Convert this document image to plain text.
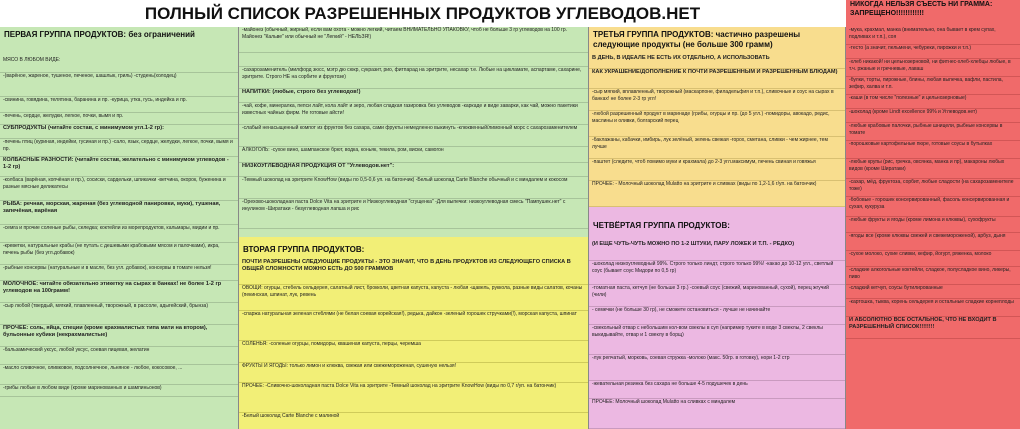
ПОЛНЫЙ СПИСОК РАЗРЕШЕННЫХ ПРОДУКТОВ УГЛЕВОДОВ.НЕТ
ПЕРВАЯ ГРУППА ПРОДУКТОВ: без ограничений
МЯСО В ЛЮБОМ ВИДЕ:
-(варёное, жареное, тушеное, печеное, шашлык, гриль) -студень(холодец)
-свинина, говядина, телятина, баранина и пр. -курица, утка, гусь, индейка и пр.
-печень, сердце, желудки, легкое, почки, вымя и пр.
СУБПРОДУКТЫ (читайте состав, с минимумом угл.1-2 гр):
-печень птиц (куриная, индейки, гусиная и пр.) -сало, язык, сердце, желудки, легкое, почки, вымя и пр.
КОЛБАСНЫЕ РАЗНОСТИ: (читайте состав, желательно с минимумом углеводов - 1-2 гр)
-колбаса (варёная, копчёная и пр.), сосиски, сардельки, шпикачки -ветчина, окорок, буженина и разные мясные деликатесы
РЫБА: речная, морская, жареная (без углеводной панировки, муки), тушеная, запечёная, варёная
-семга и прочие соленые рыбы, селедка; коктейли из морепродуктов, кальмары, мидии и пр.
-креветки, натуральные крабы (не путать с дешевыми крабовыми мясом и палочками), икра, печень рыбы (без угл.добавок)
-рыбные консервы (натуральные и в масле, без угл. добавок), консервы в томате нельзя!
МОЛОЧНОЕ: читайте обязательно этикетку на сырах в банках! не более 1-2 гр углеводов на 100грамм!
-сыр любой (твердый, мягкий, плавленный, творожный, в рассоле, адыгейский, брынза)
ПРОЧЕЕ: соль, яйца, специи (кроме крахмалистых типа мати на втором), бульонные кубики (некрахмалистые)
-бальзамический уксус, любой уксус, соевая пицевая, желатин
-масло сливочное, оливковое, подсолнечное, льняное - любое, кокосовое, ...
-грибы любые в любом виде (кроме маринованных и шампиньонов)
-майонез (обычный, жирный, если вам охота - можно легкий, читаем ВНИМАТЕЛЬНО УПАКОВКУ, чтоб не больше 3 гр углеводов на 100 гр. Майонез "Кальве" или обычный не "Легкий" - НЕЛЬЗЯ!)
-сахарозаменитель (милфорд зюсс, мэтр дю сюкр, сукразит, рио, фитпарад на эритрите, несахар т.е. Любые на цикламате, аспартаме, сахарине, эритрите. Строго НЕ на сорбите и фруктозе)
НАПИТКИ: (любые, строго без углеводов!)
-чай, кофе, минералка, пепси лайт, кола лайт и зеро, любая сладкая газировка без углеводов -каркаде и виде заварки, как чай, можно пакетики известных чайных фирм. Не готовые айсти!
-слабый ненасыщенный компот из фруктов без сахара, сами фрукты немедленно выкинуть -клюквенный/лимонный морс с сахарозаменителем
АЛКОГОЛЬ: -сухое вино, шампанское брют, водка, коньяк, текила, ром, виски, самогон
НИЗКОУГЛЕВОДНАЯ ПРОДУКЦИЯ ОТ "Углеводов.нет":
-Темный шоколад на эритрите KnowHow (виды по 0,5-0,6 уп. на батончик) -Белый шоколад Carte Blanche обычный и с миндалем и кокосом
-Орехово-шоколадная паста Dolce Vita на эритрите и Низкоуглеводная "сгущенка" -Для выпечки: низкоуглеводная смесь "Пампушек.нет" с инулином -Ширатаки - безуглеводная лапша и рис
ВТОРАЯ ГРУППА ПРОДУКТОВ:
ПОЧТИ РАЗРЕШЕНЫ СЛЕДУЮЩИЕ ПРОДУКТЫ - ЭТО ЗНАЧИТ, ЧТО В ДЕНЬ ПРОДУКТОВ ИЗ СЛЕДУЮЩЕГО СПИСКА В ОБЩЕЙ СЛОЖНОСТИ МОЖНО ЕСТЬ ДО 500 ГРАММОВ
ОВОЩИ: огурцы, стебель сельдерея, салатный лист, брокколи, цветная капуста, капуста - любая -щавель, руккола, разные виды салатов, кочаны (пекинская, шпинат, лук, ревень
-спаржа натуральная зеленая стеблями (не белая соевая корейская!), редька, дайкон -зеленый горошек стручками(!), морская капуста, шпинат
СОЛЕНЬЯ: -соленые огурцы, помидоры, квашеная капуста, перцы, черемша
ФРУКТЫ И ЯГОДЫ: только лимон и клюква, свежая или свежемороженая, сушеную нельзя!
ПРОЧЕЕ: -Сливочно-шоколадная паста Dolce Vita на эритрите -Темный шоколад на эритрите KnowHow (виды по 0,7 г/уп. на батончик)
-Белый шоколад Carte Blanche с малиной
ТРЕТЬЯ ГРУППА ПРОДУКТОВ: частично разрешены следующие продукты (не больше 300 грамм)
В ДЕНЬ, В ИДЕАЛЕ НЕ ЕСТЬ ИХ ОТДЕЛЬНО, А ИСПОЛЬЗОВАТЬ
КАК УКРАШЕНИЕ/ДОПОЛНЕНИЕ К ПОЧТИ РАЗРЕШЕННЫМ И РАЗРЕШЕННЫМ БЛЮДАМ)
-сыр мягкий, вплавленный, творожный (маскарпоне, филадельфия и т.п.), сливочные и соус на сырах в банках! не более 2-3 гр угл!
-любой разрешенный продукт в маринаде (грибы, огурцы и пр. (до 5 угл.) -помидоры, авокадо, редис, маслины и оливки, болгарский перец
-баклажаны, кабачки, имбирь, лук зелёный, зелень свежая -горох, сметана, сливки - чем жирнее, тем лучше
-паштет (следите, чтоб помимо муки и крахмала) до 2-3 угл.максимум, печень свиная и говяжья
ПРОЧЕЕ: - Молочный шоколад Mulatto на эритрите и сливках (виды по 1,2-1,6 г/уп. на батончик)
ЧЕТВЁРТАЯ ГРУППА ПРОДУКТОВ:
(И ЕЩЕ ЧУТЬ-ЧУТЬ МОЖНО ПО 1-2 ШТУКИ, ПАРУ ЛОЖЕК И Т.П. - РЕДКО)
-шоколад низкоуглеводный 99%. Строго только линдт, строго только 99%! -какао до 10-12 угл., светлый соус (бывает соус Мидори по 0,5 гр)
-томатная паста, кетчуп (не больше 3 гр.) -соевый соус (свежий, маринованный, сухой), перец жгучий (чили)
- семечки (не больше 30 гр), не сможете остановиться - лучше не начинайте
-свекольный отвар с небольшим кол-вом свеклы в суп (например туките в воде 3 свеклы, 2 свеклы выкидывайте, отвар и 1 свеклу в борщ)
-лук репчатый, морковь, соевая стружка -молоко (макс. 50гр. в готовку), нори 1-2 стр
-жевательная резинка без сахара не больше 4-5 подушечек в день
ПРОЧЕЕ: Молочный шоколад Mulatto на сливках с миндалем
НИКОГДА НЕЛЬЗЯ СЪЕСТЬ НИ ГРАММА: ЗАПРЕЩЕНО!!!!!!!!!!!!
-мука, крахмал, манка (внимательно, она бывает в крем супах, подливах и т.п.), соя
-тесто (а значит, пельмени, чебуреки, пирожки и т.п.)
-хлеб никакой! ни цельнозерновой, ни фитнес-хлеб-хлебцы любые, в т.ч. ржаные и гречневые, лаваш
-булки, торты, пирожные, блины, любая выпечка, вафли, пастила, зефир, халва и т.п.
-каши (в том числе "полезные" и цельнозерновые)
-шоколад (кроме Lindt excellence 99% и Углеводов.нет)
-любые крабовые палочки, рыбные шницели, рыбные консервы в томате
-порошковые картофельные пюре, готовые соусы в бутылках
-любые крупы (рис, гречка, овсянка, манка и пр), макароны любых видов (кроме Ширатаки)
-сахар, мёд, фруктоза, сорбит, любые сладости (на сахарозаменителе тоже)
-бобовые - горошек консервированный, фасоль консервированная и сухая, кукуруза
-любые фрукты и ягоды (кроме лимона и клюквы), сухофрукты
-ягоды все (кроме клюквы свежей и свежемороженой), арбуз, дыня
-сухое молоко, сухие сливки, кефир, йогурт, ряженка, молоко
-сладкие алкогольные коктейли, сладкое, полусладкое вино, ликеры, пиво
-сладкий кетчуп, соусы бутилированные
-картошка, тыква, корень сельдерея и остальные сладкие корнеплоды
И АБСОЛЮТНО ВСЁ ОСТАЛЬНОЕ, ЧТО НЕ ВХОДИТ В РАЗРЕШЕННЫЙ СПИСОК!!!!!!!!
